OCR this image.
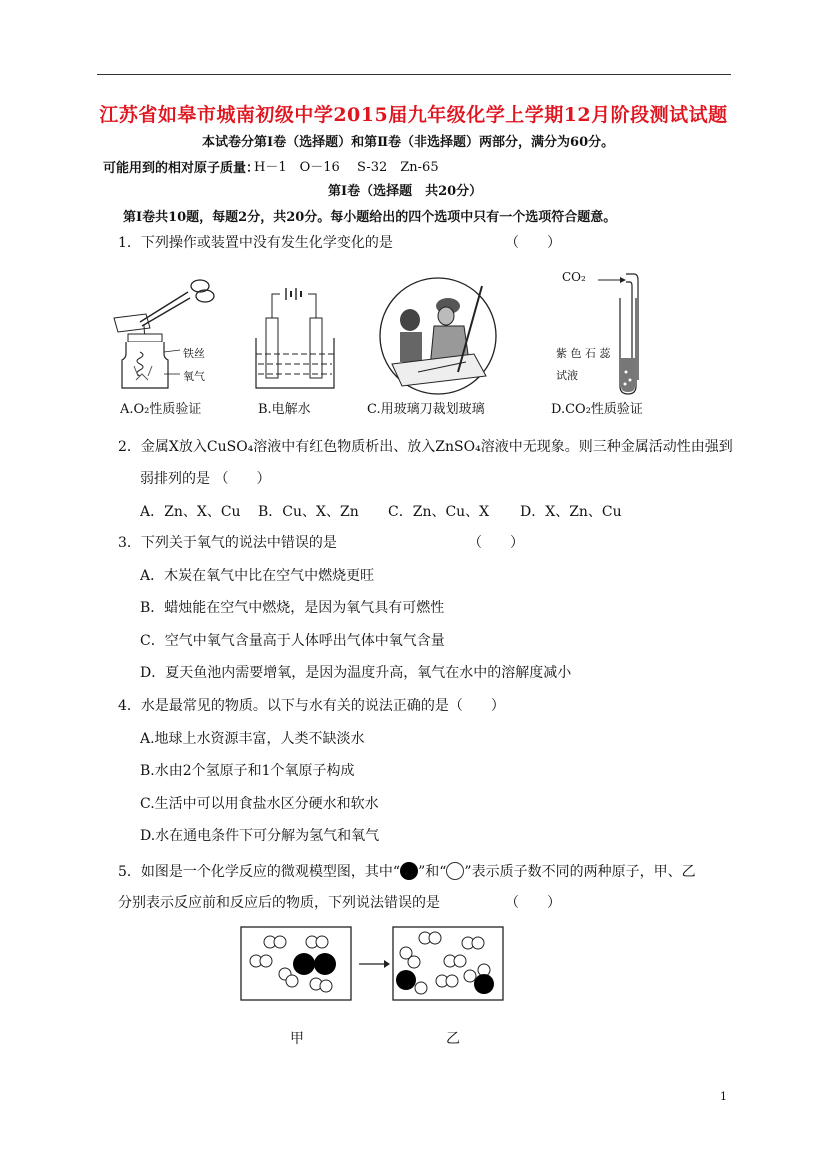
江苏省如皋市城南初级中学2015届九年级化学上学期12月阶段测试试题
本试卷分第Ⅰ卷（选择题）和第Ⅱ卷（非选择题）两部分，满分为60分。
可能用到的相对原子质量：
H－1　O－16　 S-32　Zn-65
第Ⅰ卷（选择题　共20分）
第Ⅰ卷共10题，每题2分，共20分。每小题给出的四个选项中只有一个选项符合题意。
1．下列操作或装置中没有发生化学变化的是	（　　）
铁丝
氧气
A.O₂性质验证	B.电解水	C.用玻璃刀裁划玻璃
CO₂
紫 色 石 蕊
试液
D.CO₂性质验证
2．金属X放入CuSO₄溶液中有红色物质析出、放入ZnSO₄溶液中无现象。则三种金属活动性由强到
弱排列的是 （　　）
A．Zn、X、Cu B．Cu、X、Zn C．Zn、Cu、X D．X、Zn、Cu
3．下列关于氧气的说法中错误的是	（　　）
A．木炭在氧气中比在空气中燃烧更旺
B．蜡烛能在空气中燃烧，是因为氧气具有可燃性
C．空气中氧气含量高于人体呼出气体中氧气含量
D．夏天鱼池内需要增氧，是因为温度升高，氧气在水中的溶解度减小
4．水是最常见的物质。以下与水有关的说法正确的是（　　）
A.地球上水资源丰富，人类不缺淡水
B.水由2个氢原子和1个氧原子构成
C.生活中可以用食盐水区分硬水和软水
D.水在通电条件下可分解为氢气和氧气
5．如图是一个化学反应的微观模型图，其中“ ”和“ ”表示质子数不同的两种原子，甲、乙
分别表示反应前和反应后的物质，下列说法错误的是	（　　）
甲	乙
1
